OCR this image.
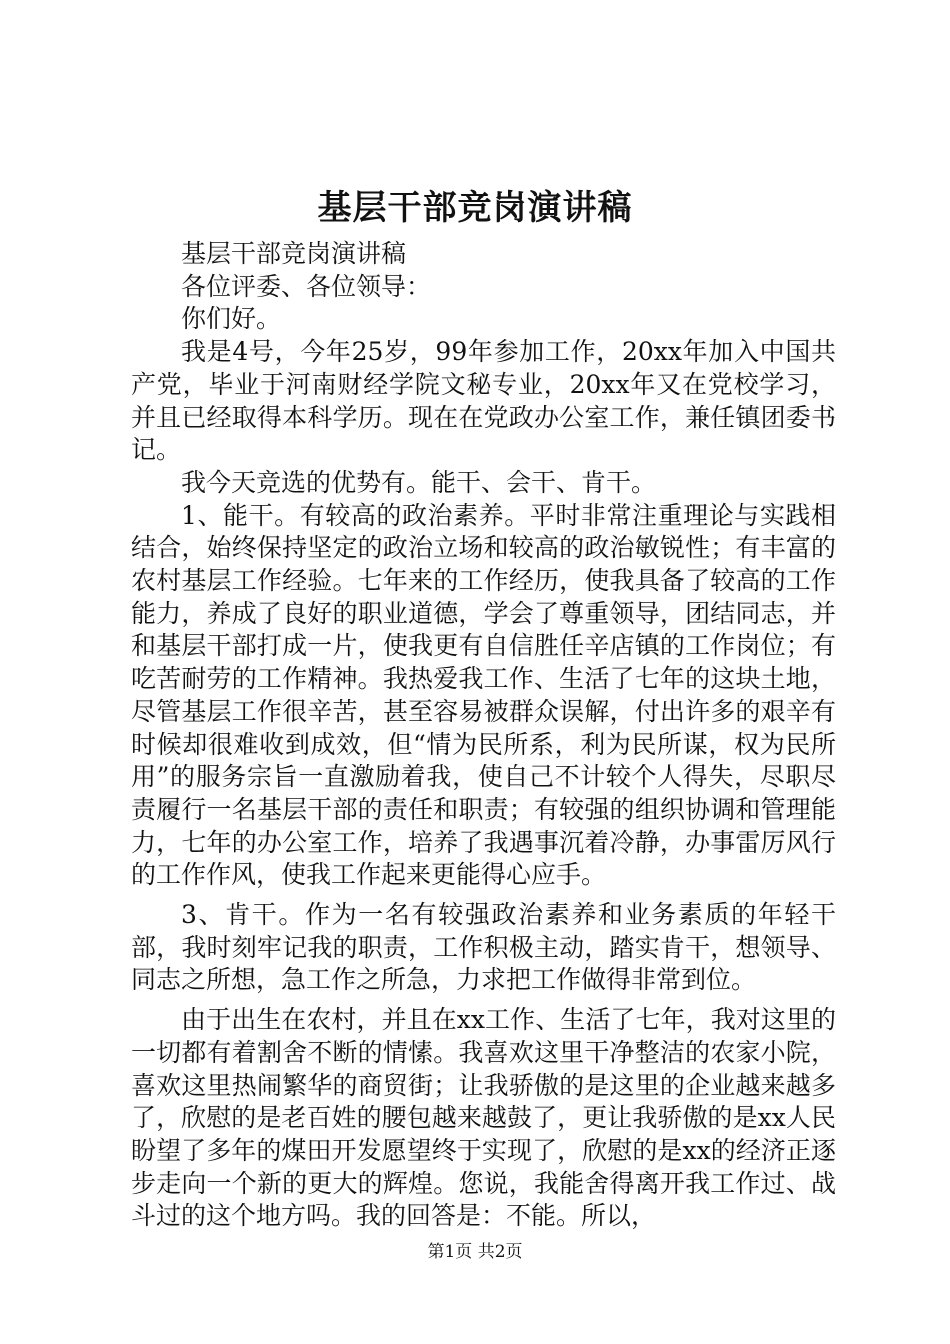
基层干部竞岗演讲稿

基层干部竞岗演讲稿

各位评委、各位领导：

你们好。

我是4号，今年25岁，99年参加工作，20xx年加入中国共产党，毕业于河南财经学院文秘专业，20xx年又在党校学习，并且已经取得本科学历。现在在党政办公室工作，兼任镇团委书记。

我今天竞选的优势有。能干、会干、肯干。

1、能干。有较高的政治素养。平时非常注重理论与实践相结合，始终保持坚定的政治立场和较高的政治敏锐性；有丰富的农村基层工作经验。七年来的工作经历，使我具备了较高的工作能力，养成了良好的职业道德，学会了尊重领导，团结同志，并和基层干部打成一片，使我更有自信胜任辛店镇的工作岗位；有吃苦耐劳的工作精神。我热爱我工作、生活了七年的这块土地，尽管基层工作很辛苦，甚至容易被群众误解，付出许多的艰辛有时候却很难收到成效，但“情为民所系，利为民所谋，权为民所用”的服务宗旨一直激励着我，使自己不计较个人得失，尽职尽责履行一名基层干部的责任和职责；有较强的组织协调和管理能力，七年的办公室工作，培养了我遇事沉着冷静，办事雷厉风行的工作作风，使我工作起来更能得心应手。

3、肯干。作为一名有较强政治素养和业务素质的年轻干部，我时刻牢记我的职责，工作积极主动，踏实肯干，想领导、同志之所想，急工作之所急，力求把工作做得非常到位。

由于出生在农村，并且在xx工作、生活了七年，我对这里的一切都有着割舍不断的情愫。我喜欢这里干净整洁的农家小院，喜欢这里热闹繁华的商贸街；让我骄傲的是这里的企业越来越多了，欣慰的是老百姓的腰包越来越鼓了，更让我骄傲的是xx人民盼望了多年的煤田开发愿望终于实现了，欣慰的是xx的经济正逐步走向一个新的更大的辉煌。您说，我能舍得离开我工作过、战斗过的这个地方吗。我的回答是：不能。所以，

第1页 共2页
